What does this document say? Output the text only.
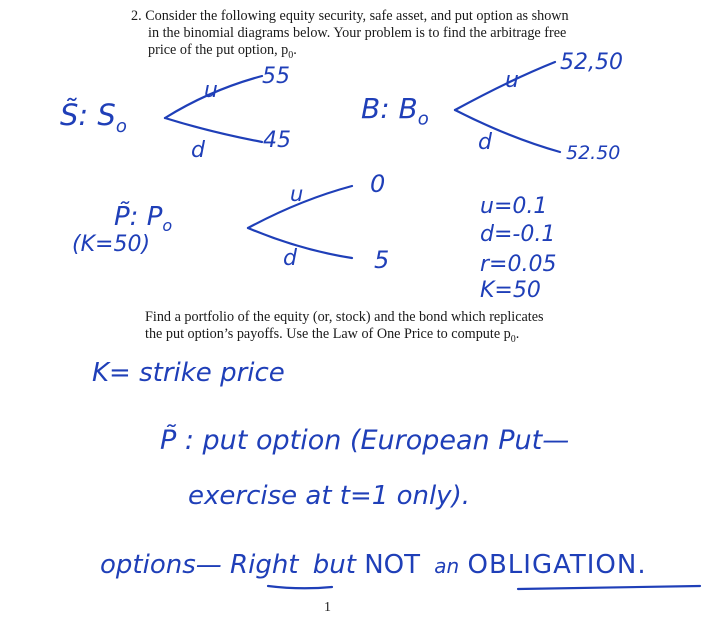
2. Consider the following equity security, safe asset, and put option as shown
in the binomial diagrams below. Your problem is to find the arbitrage free
price of the put option, $p_0$.
S̃: $S_o$
u
d
55
45
B: $B_o$
u
d
52,50
52.50
P̃: $P_o$
(K=50)
u
d
0
5
u=0.1
d=-0.1
r=0.05
K=50
Find a portfolio of the equity (or, stock) and the bond which replicates
the put option’s payoffs. Use the Law of One Price to compute $p_0$.
K= strike price
P̃ : put option (European Put—
exercise at t=1 only).
options— Right but NOT an OBLIGATION.
1
